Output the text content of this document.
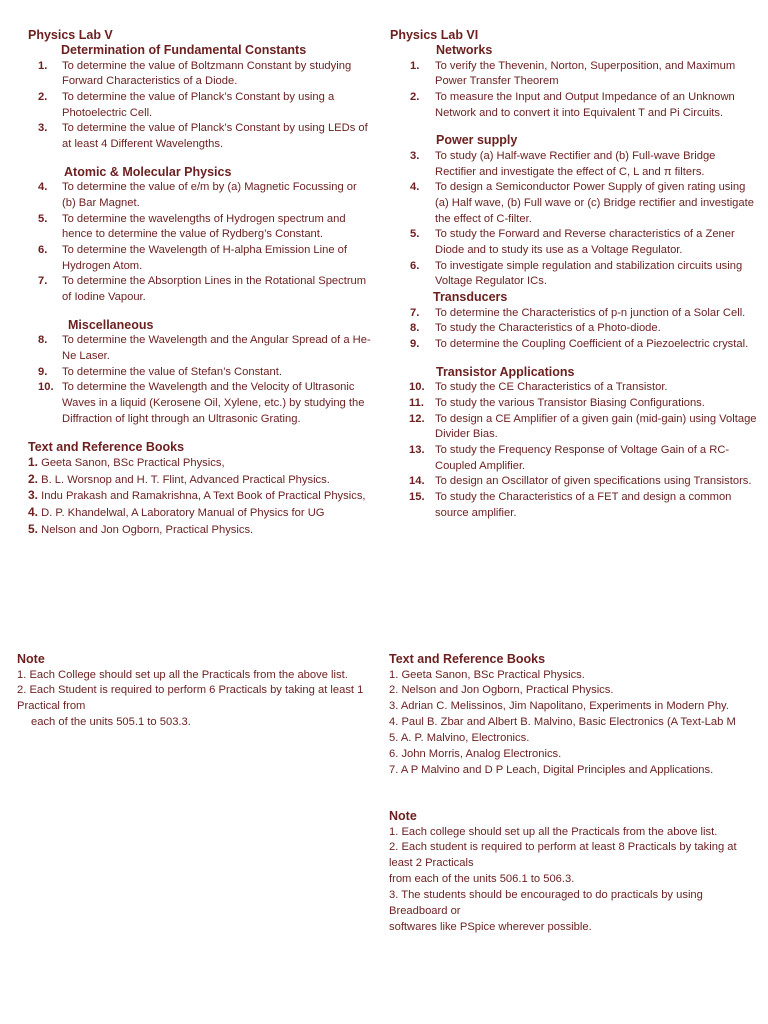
Physics Lab V
Determination of Fundamental Constants
1.	To determine the value of Boltzmann Constant by studying Forward Characteristics of a Diode.
2.	To determine the value of Planck’s Constant by using a Photoelectric Cell.
3.	To determine the value of Planck’s Constant by using LEDs of at least 4 Different Wavelengths.
Atomic & Molecular Physics
4.	To determine the value of e/m by (a) Magnetic Focussing or (b) Bar Magnet.
5.	To determine the wavelengths of Hydrogen spectrum and hence to determine the value of Rydberg’s Constant.
6.	To determine the Wavelength of H-alpha Emission Line of Hydrogen Atom.
7.	To determine the Absorption Lines in the Rotational Spectrum of Iodine Vapour.
Miscellaneous
8.	To determine the Wavelength and the Angular Spread of a He-Ne Laser.
9.	To determine the value of Stefan’s Constant.
10. To determine the Wavelength and the Velocity of Ultrasonic Waves in a liquid (Kerosene Oil, Xylene, etc.) by studying the Diffraction of light through an Ultrasonic Grating.
Text and Reference Books
1. Geeta Sanon, BSc Practical Physics,
2. B. L. Worsnop and H. T. Flint, Advanced Practical Physics.
3. Indu Prakash and Ramakrishna, A Text Book of Practical Physics,
4. D. P. Khandelwal, A Laboratory Manual of Physics for UG
5. Nelson and Jon Ogborn, Practical Physics.
Physics Lab VI
Networks
1.	To verify the Thevenin, Norton, Superposition, and Maximum Power Transfer Theorem
2.	To measure the Input and Output Impedance of an Unknown Network and to convert it into Equivalent T and Pi Circuits.
Power supply
3.	To study (a) Half-wave Rectifier and (b) Full-wave Bridge Rectifier and investigate the effect of C, L and π filters.
4.	To design a Semiconductor Power Supply of given rating using (a) Half wave, (b) Full wave or (c) Bridge rectifier and investigate the effect of C-filter.
5.	To study the Forward and Reverse characteristics of a Zener Diode and to study its use as a Voltage Regulator.
6.	To investigate simple regulation and stabilization circuits using Voltage Regulator ICs.
Transducers
7.	To determine the Characteristics of p-n junction of a Solar Cell.
8.	To study the Characteristics of a Photo-diode.
9.	To determine the Coupling Coefficient of a Piezoelectric crystal.
Transistor Applications
10. To study the CE Characteristics of a Transistor.
11. To study the various Transistor Biasing Configurations.
12. To design a CE Amplifier of a given gain (mid-gain) using Voltage Divider Bias.
13. To study the Frequency Response of Voltage Gain of a RC-Coupled Amplifier.
14. To design an Oscillator of given specifications using Transistors.
15. To study the Characteristics of a FET and design a common source amplifier.
Note
1. Each College should set up all the Practicals from the above list.
2. Each Student is required to perform 6 Practicals by taking at least 1 Practical from
each of the units 505.1 to 503.3.
Text and Reference Books
1. Geeta Sanon, BSc Practical Physics.
2. Nelson and Jon Ogborn, Practical Physics.
3. Adrian C. Melissinos, Jim Napolitano, Experiments in Modern Phy.
4. Paul B. Zbar and Albert B. Malvino, Basic Electronics (A Text-Lab M
5. A. P. Malvino, Electronics.
6. John Morris, Analog Electronics.
7. A P Malvino and D P Leach, Digital Principles and Applications.
Note
1. Each college should set up all the Practicals from the above list.
2. Each student is required to perform at least 8 Practicals by taking at least 2 Practicals
from each of the units 506.1 to 506.3.
3. The students should be encouraged to do practicals by using Breadboard or
softwares like PSpice wherever possible.
